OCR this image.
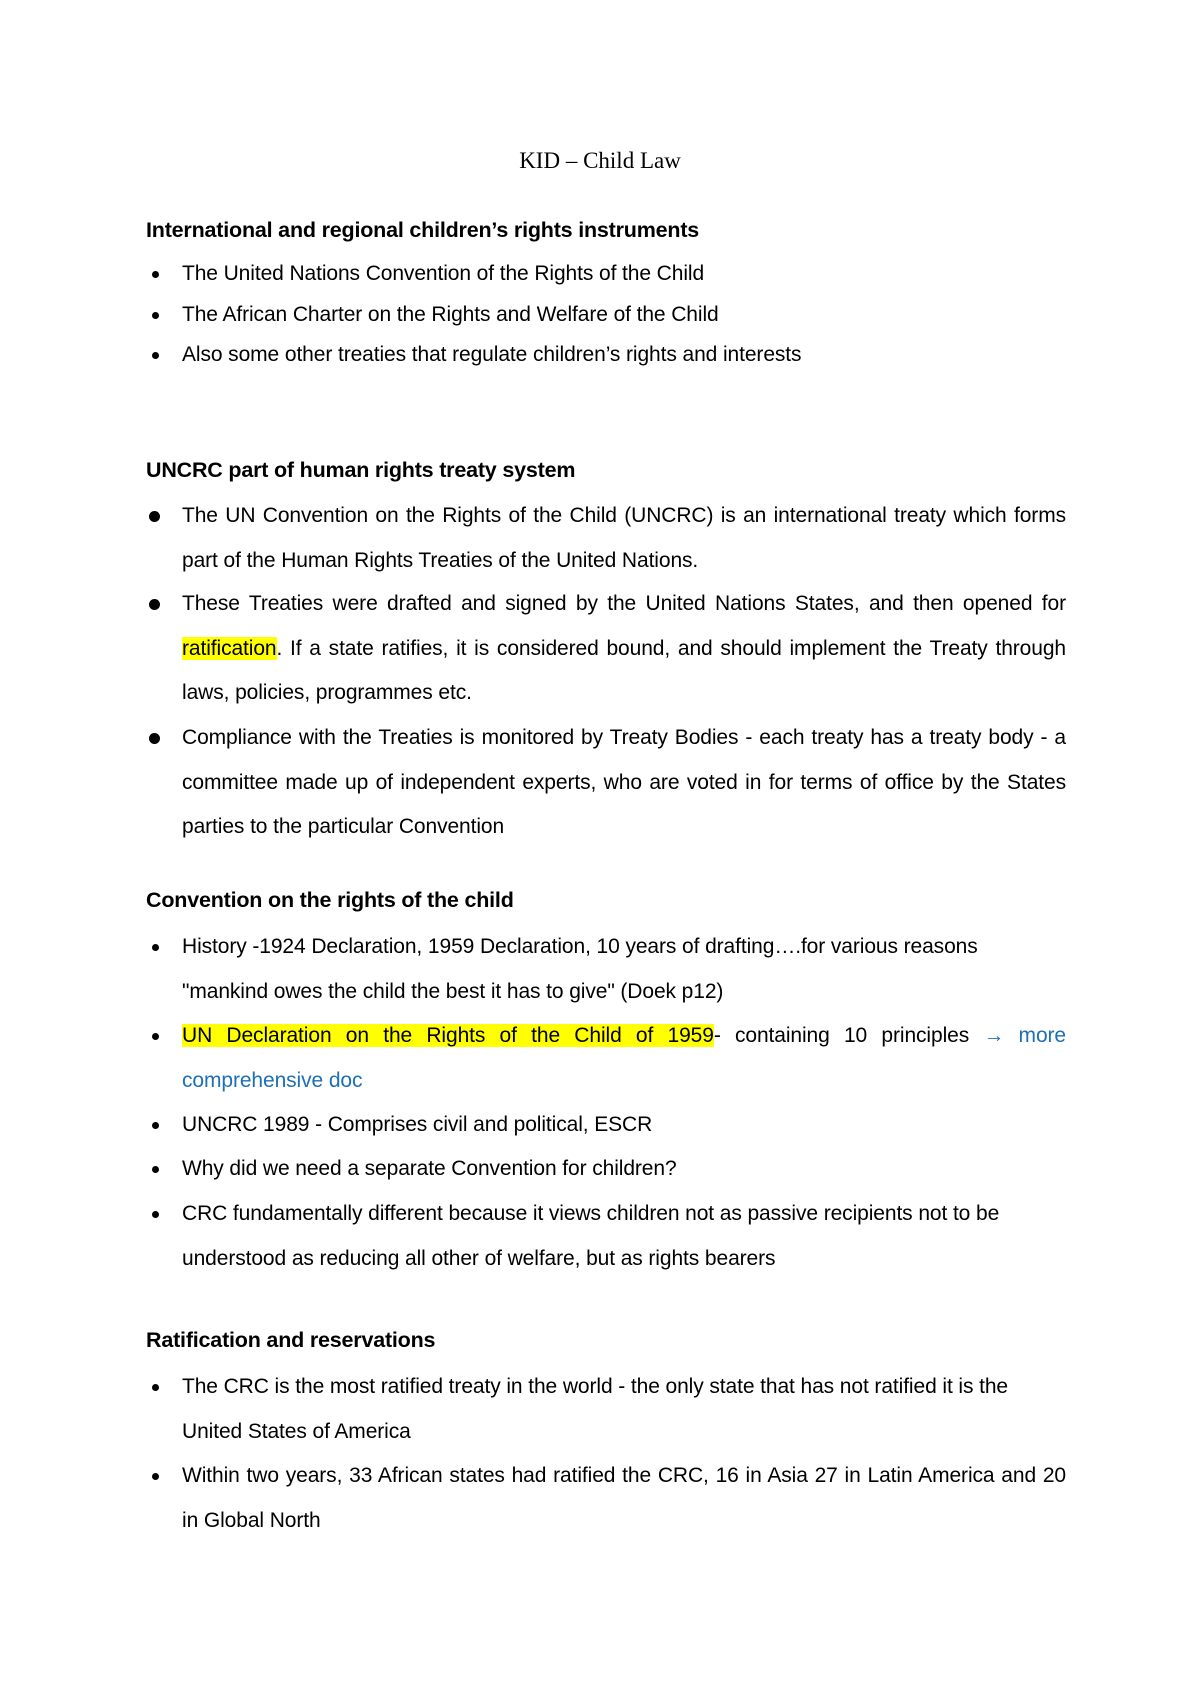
KID – Child Law
International and regional children’s rights instruments
The United Nations Convention of the Rights of the Child
The African Charter on the Rights and Welfare of the Child
Also some other treaties that regulate children’s rights and interests
UNCRC part of human rights treaty system
The UN Convention on the Rights of the Child (UNCRC) is an international treaty which forms part of the Human Rights Treaties of the United Nations.
These Treaties were drafted and signed by the United Nations States, and then opened for ratification. If a state ratifies, it is considered bound, and should implement the Treaty through laws, policies, programmes etc.
Compliance with the Treaties is monitored by Treaty Bodies - each treaty has a treaty body - a committee made up of independent experts, who are voted in for terms of office by the States parties to the particular Convention
Convention on the rights of the child
History -1924 Declaration, 1959 Declaration, 10 years of drafting….for various reasons "mankind owes the child the best it has to give" (Doek p12)
UN Declaration on the Rights of the Child of 1959- containing 10 principles → more comprehensive doc
UNCRC 1989 - Comprises civil and political, ESCR
Why did we need a separate Convention for children?
CRC fundamentally different because it views children not as passive recipients not to be understood as reducing all other of welfare, but as rights bearers
Ratification and reservations
The CRC is the most ratified treaty in the world - the only state that has not ratified it is the United States of America
Within two years, 33 African states had ratified the CRC, 16 in Asia 27 in Latin America and 20 in Global North
